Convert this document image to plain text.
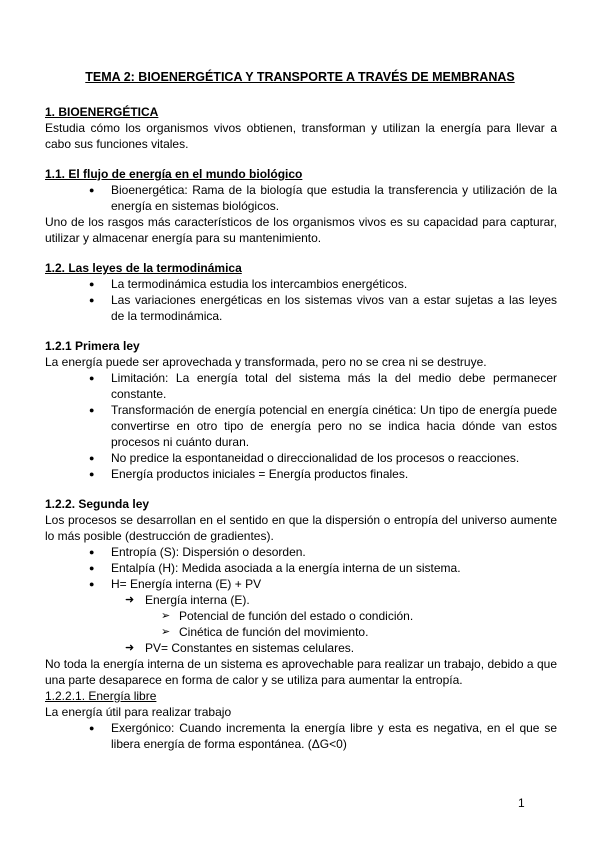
TEMA 2: BIOENERGÉTICA Y TRANSPORTE A TRAVÉS DE MEMBRANAS

1. BIOENERGÉTICA

Estudia cómo los organismos vivos obtienen, transforman y utilizan la energía para llevar a cabo sus funciones vitales.

1.1. El flujo de energía en el mundo biológico

● Bioenergética: Rama de la biología que estudia la transferencia y utilización de la energía en sistemas biológicos.

Uno de los rasgos más característicos de los organismos vivos es su capacidad para capturar, utilizar y almacenar energía para su mantenimiento.

1.2. Las leyes de la termodinámica

● La termodinámica estudia los intercambios energéticos.
● Las variaciones energéticas en los sistemas vivos van a estar sujetas a las leyes de la termodinámica.

1.2.1 Primera ley

La energía puede ser aprovechada y transformada, pero no se crea ni se destruye.

● Limitación: La energía total del sistema más la del medio debe permanecer constante.
● Transformación de energía potencial en energía cinética: Un tipo de energía puede convertirse en otro tipo de energía pero no se indica hacia dónde van estos procesos ni cuánto duran.
● No predice la espontaneidad o direccionalidad de los procesos o reacciones.
● Energía productos iniciales = Energía productos finales.

1.2.2. Segunda ley

Los procesos se desarrollan en el sentido en que la dispersión o entropía del universo aumente lo más posible (destrucción de gradientes).

● Entropía (S): Dispersión o desorden.
● Entalpía (H): Medida asociada a la energía interna de un sistema.
● H= Energía interna (E) + PV
➜ Energía interna (E).
➢ Potencial de función del estado o condición.
➢ Cinética de función del movimiento.
➜ PV= Constantes en sistemas celulares.

No toda la energía interna de un sistema es aprovechable para realizar un trabajo, debido a que una parte desaparece en forma de calor y se utiliza para aumentar la entropía.

1.2.2.1. Energía libre

La energía útil para realizar trabajo

● Exergónico: Cuando incrementa la energía libre y esta es negativa, en el que se libera energía de forma espontánea. (ΔG<0)
1
